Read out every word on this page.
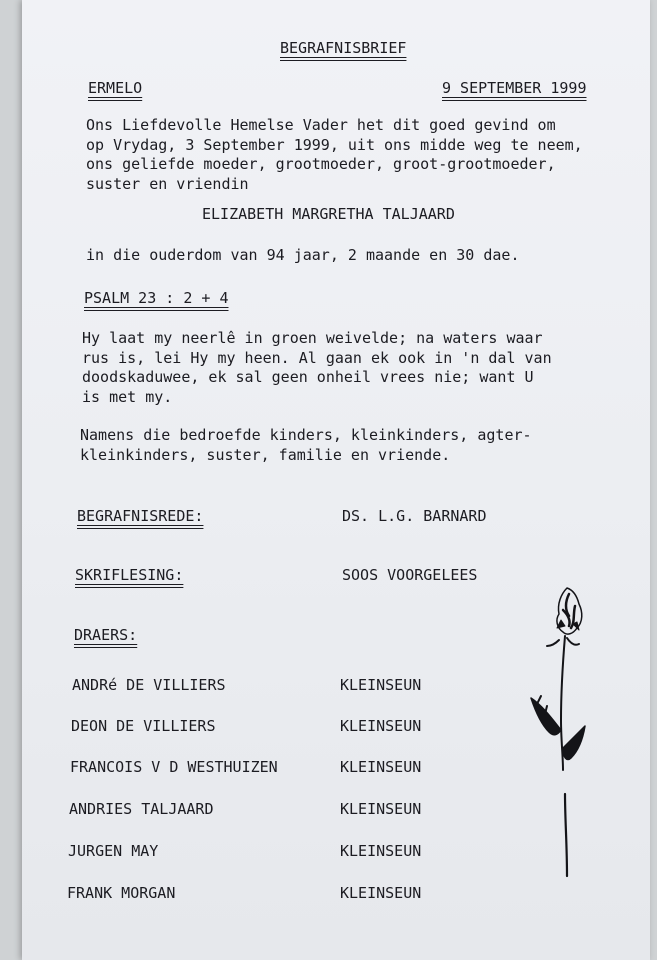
BEGRAFNISBRIEF
ERMELO	9 SEPTEMBER 1999
Ons Liefdevolle Hemelse Vader het dit goed gevind om
op Vrydag, 3 September 1999, uit ons midde weg te neem,
ons geliefde moeder, grootmoeder, groot-grootmoeder,
suster en vriendin
ELIZABETH MARGRETHA TALJAARD
in die ouderdom van 94 jaar, 2 maande en 30 dae.
PSALM 23 : 2 + 4
Hy laat my neerlê in groen weivelde; na waters waar
rus is, lei Hy my heen. Al gaan ek ook in 'n dal van
doodskaduwee, ek sal geen onheil vrees nie; want U
is met my.
Namens die bedroefde kinders, kleinkinders, agter-
kleinkinders, suster, familie en vriende.
BEGRAFNISREDE:	DS. L.G. BARNARD
SKRIFLESING:	SOOS VOORGELEES
DRAERS:
ANDRé DE VILLIERS	KLEINSEUN
DEON DE VILLIERS	KLEINSEUN
FRANCOIS V D WESTHUIZEN	KLEINSEUN
ANDRIES TALJAARD	KLEINSEUN
JURGEN MAY	KLEINSEUN
FRANK MORGAN	KLEINSEUN
